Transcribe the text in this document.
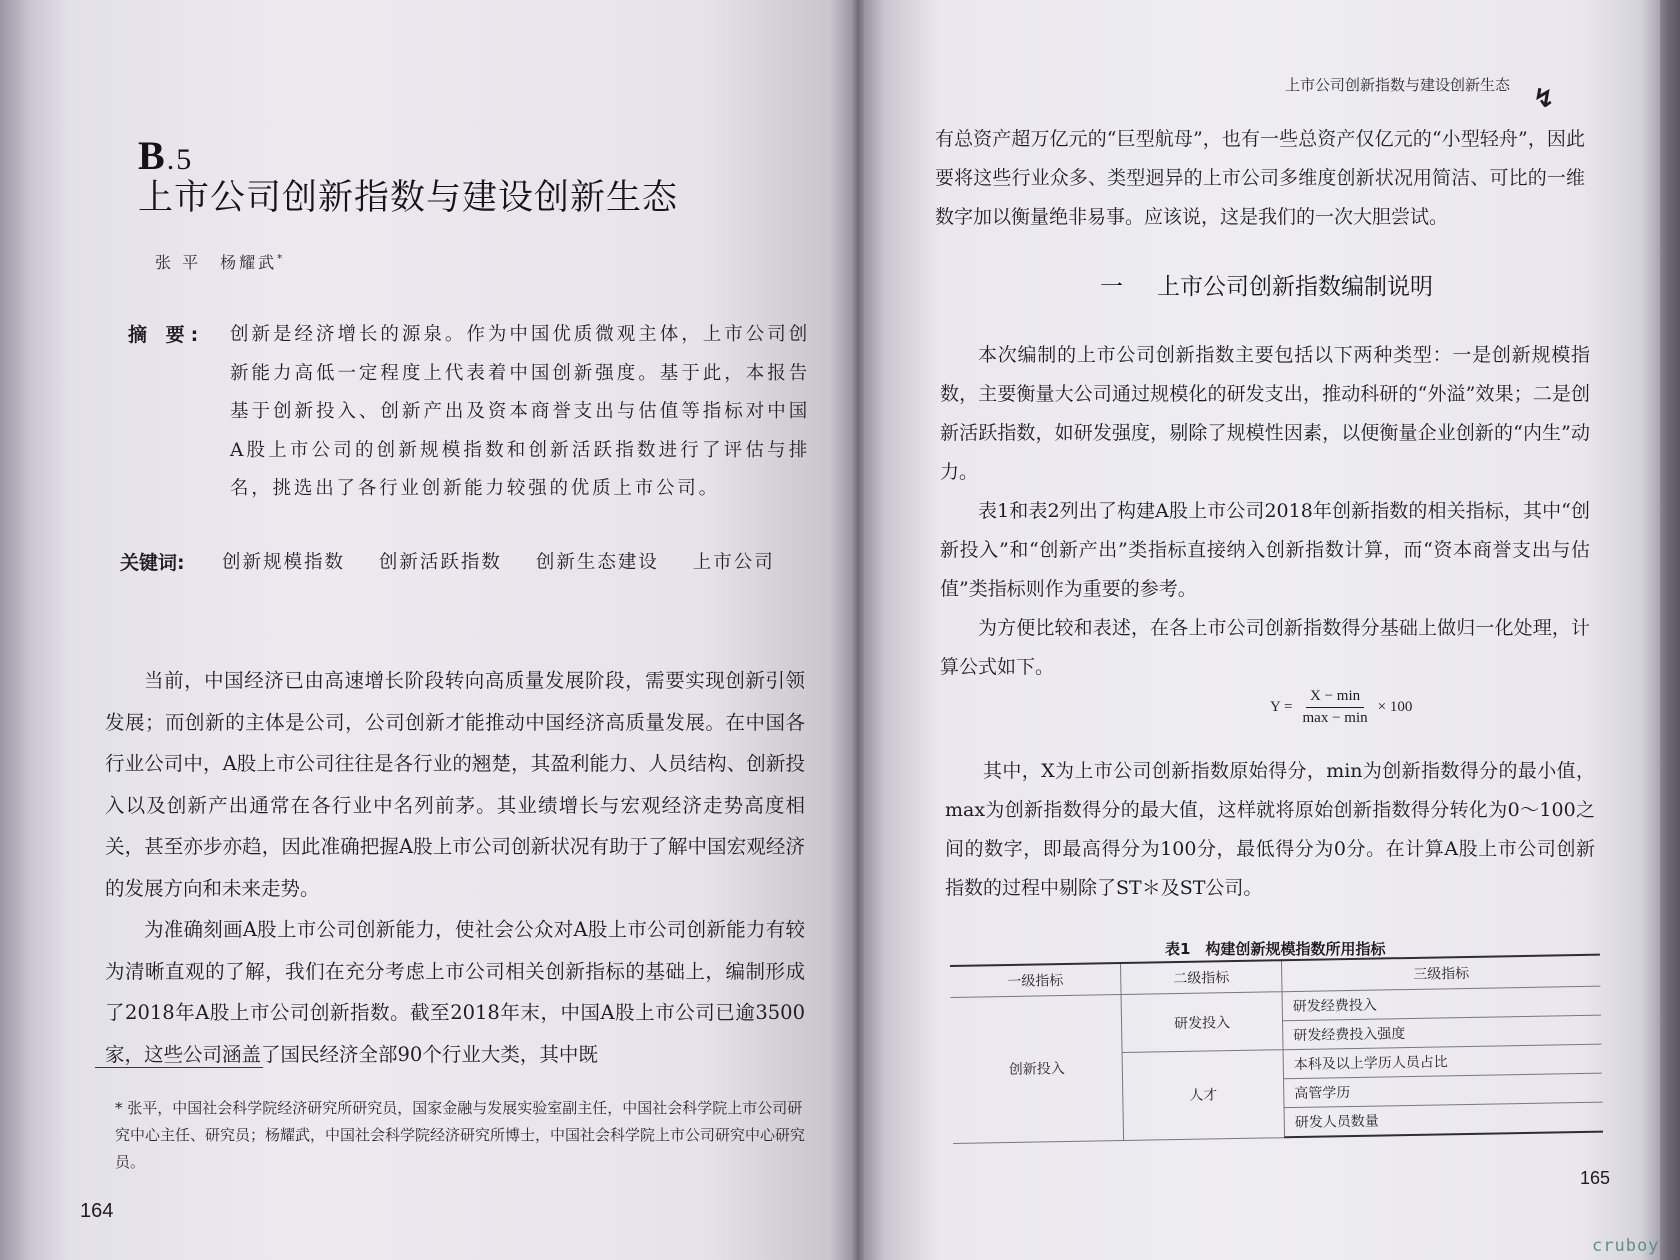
B.5
上市公司创新指数与建设创新生态
张 平　杨耀武*
摘 要: 创新是经济增长的源泉。作为中国优质微观主体，上市公司创新能力高低一定程度上代表着中国创新强度。基于此，本报告基于创新投入、创新产出及资本商誉支出与估值等指标对中国A股上市公司的创新规模指数和创新活跃指数进行了评估与排名，挑选出了各行业创新能力较强的优质上市公司。
关键词: 创新规模指数 创新活跃指数 创新生态建设 上市公司

当前，中国经济已由高速增长阶段转向高质量发展阶段，需要实现创新引领发展；而创新的主体是公司，公司创新才能推动中国经济高质量发展。在中国各行业公司中，A股上市公司往往是各行业的翘楚，其盈利能力、人员结构、创新投入以及创新产出通常在各行业中名列前茅。其业绩增长与宏观经济走势高度相关，甚至亦步亦趋，因此准确把握A股上市公司创新状况有助于了解中国宏观经济的发展方向和未来走势。

为准确刻画A股上市公司创新能力，使社会公众对A股上市公司创新能力有较为清晰直观的了解，我们在充分考虑上市公司相关创新指标的基础上，编制形成了2018年A股上市公司创新指数。截至2018年末，中国A股上市公司已逾3500家，这些公司涵盖了国民经济全部90个行业大类，其中既

* 张平，中国社会科学院经济研究所研究员，国家金融与发展实验室副主任，中国社会科学院上市公司研究中心主任、研究员；杨耀武，中国社会科学院经济研究所博士，中国社会科学院上市公司研究中心研究员。
164
上市公司创新指数与建设创新生态 ↯

有总资产超万亿元的“巨型航母”，也有一些总资产仅亿元的“小型轻舟”，因此要将这些行业众多、类型迥异的上市公司多维度创新状况用简洁、可比的一维数字加以衡量绝非易事。应该说，这是我们的一次大胆尝试。

一 上市公司创新指数编制说明

本次编制的上市公司创新指数主要包括以下两种类型：一是创新规模指数，主要衡量大公司通过规模化的研发支出，推动科研的“外溢”效果；二是创新活跃指数，如研发强度，剔除了规模性因素，以便衡量企业创新的“内生”动力。

表1和表2列出了构建A股上市公司2018年创新指数的相关指标，其中“创新投入”和“创新产出”类指标直接纳入创新指数计算，而“资本商誉支出与估值”类指标则作为重要的参考。

为方便比较和表述，在各上市公司创新指数得分基础上做归一化处理，计算公式如下。

$Y = \frac{X - \min}{\max - \min} \times 100$

其中，X为上市公司创新指数原始得分，min为创新指数得分的最小值，max为创新指数得分的最大值，这样就将原始创新指数得分转化为0～100之间的数字，即最高得分为100分，最低得分为0分。在计算A股上市公司创新指数的过程中剔除了ST＊及ST公司。

表1　构建创新规模指数所用指标
一级指标	二级指标	三级指标
创新投入	研发投入	研发经费投入
		研发经费投入强度
	人才	本科及以上学历人员占比
		高管学历
		研发人员数量
165
cruboy
